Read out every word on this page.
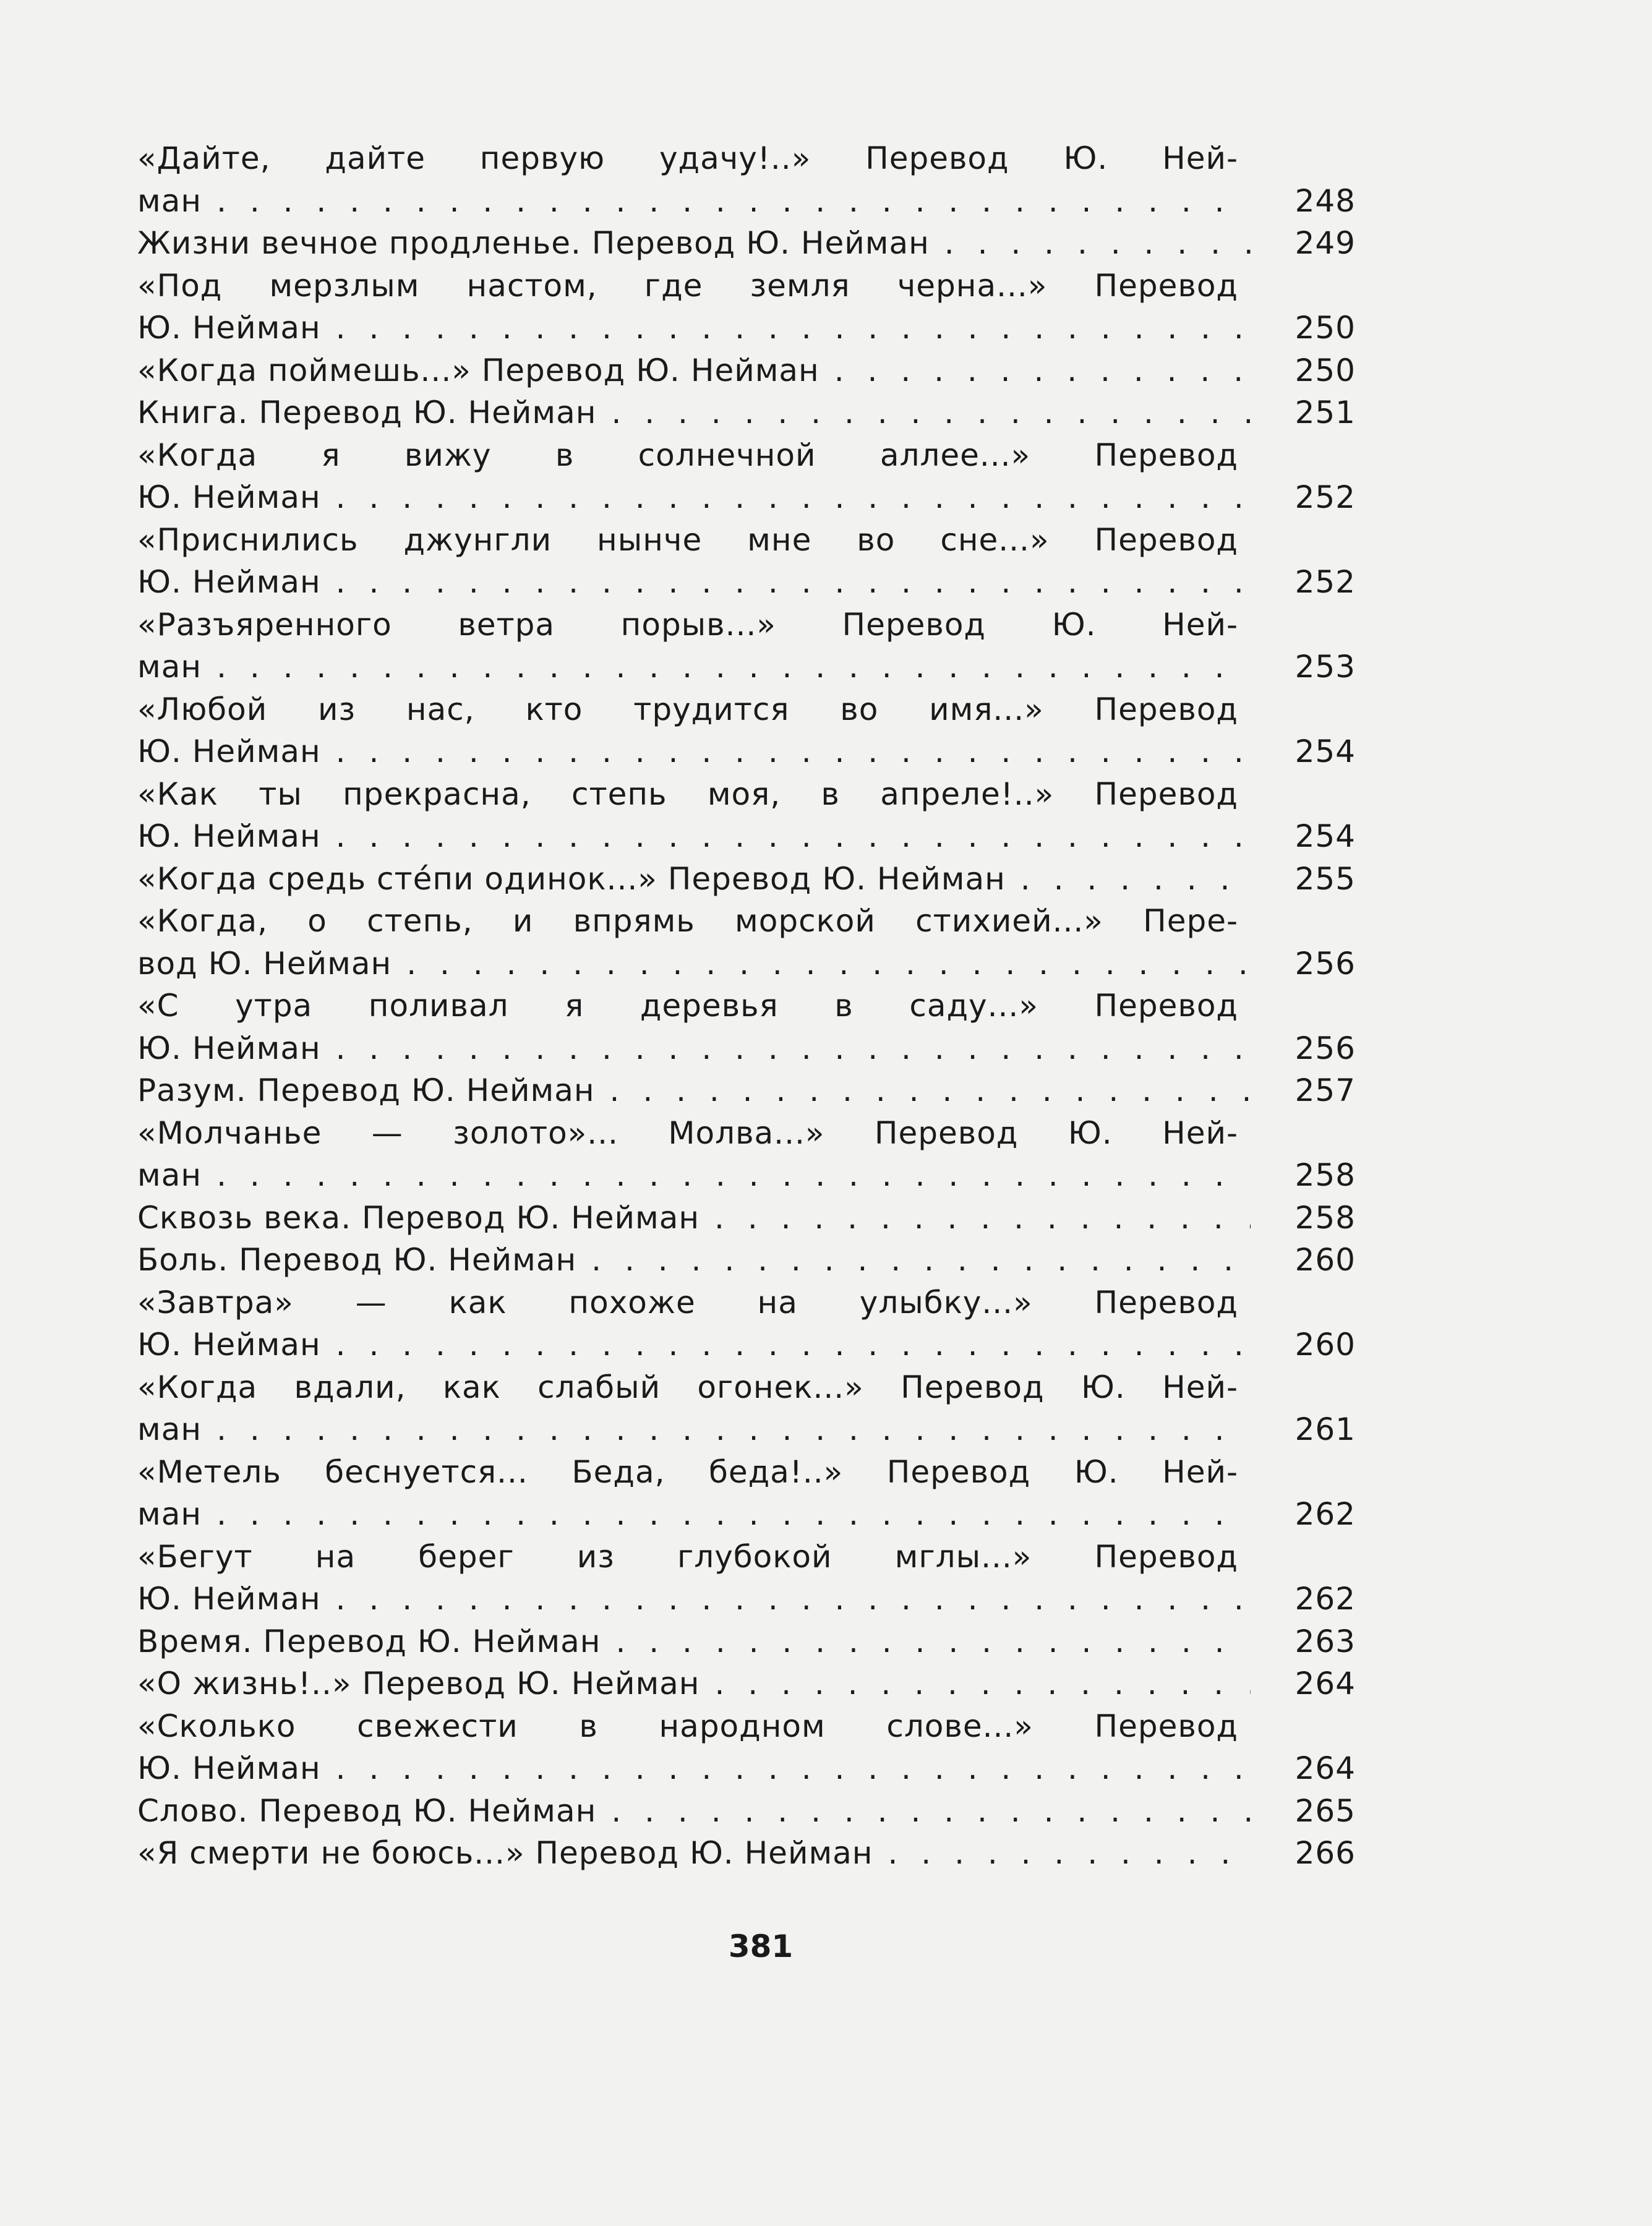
«Дайте, дайте первую удачу!..» Перевод Ю. Ней-
ман . . .	248
Жизни вечное продленье. Перевод Ю. Нейман . . .	249
«Под мерзлым настом, где земля черна...» Перевод
Ю. Нейман . . .	250
«Когда поймешь...» Перевод Ю. Нейман . . .	250
Книга. Перевод Ю. Нейман . . .	251
«Когда я вижу в солнечной аллее...» Перевод
Ю. Нейман . . .	252
«Приснились джунгли нынче мне во сне...» Перевод
Ю. Нейман . . .	252
«Разъяренного ветра порыв...» Перевод Ю. Ней-
ман . . .	253
«Любой из нас, кто трудится во имя...» Перевод
Ю. Нейман . . .	254
«Как ты прекрасна, степь моя, в апреле!..» Перевод
Ю. Нейман . . .	254
«Когда средь сте́пи одинок...» Перевод Ю. Нейман . . .	255
«Когда, о степь, и впрямь морской стихией...» Пере-
вод Ю. Нейман . . .	256
«С утра поливал я деревья в саду...» Перевод
Ю. Нейман . . .	256
Разум. Перевод Ю. Нейман . . .	257
«Молчанье — золото»... Молва...» Перевод Ю. Ней-
ман . . .	258
Сквозь века. Перевод Ю. Нейман . . .	258
Боль. Перевод Ю. Нейман . . .	260
«Завтра» — как похоже на улыбку...» Перевод
Ю. Нейман . . .	260
«Когда вдали, как слабый огонек...» Перевод Ю. Ней-
ман . . .	261
«Метель беснуется... Беда, беда!..» Перевод Ю. Ней-
ман . . .	262
«Бегут на берег из глубокой мглы...» Перевод
Ю. Нейман . . .	262
Время. Перевод Ю. Нейман . . .	263
«О жизнь!..» Перевод Ю. Нейман . . .	264
«Сколько свежести в народном слове...» Перевод
Ю. Нейман . . .	264
Слово. Перевод Ю. Нейман . . .	265
«Я смерти не боюсь...» Перевод Ю. Нейман . . .	266
381
